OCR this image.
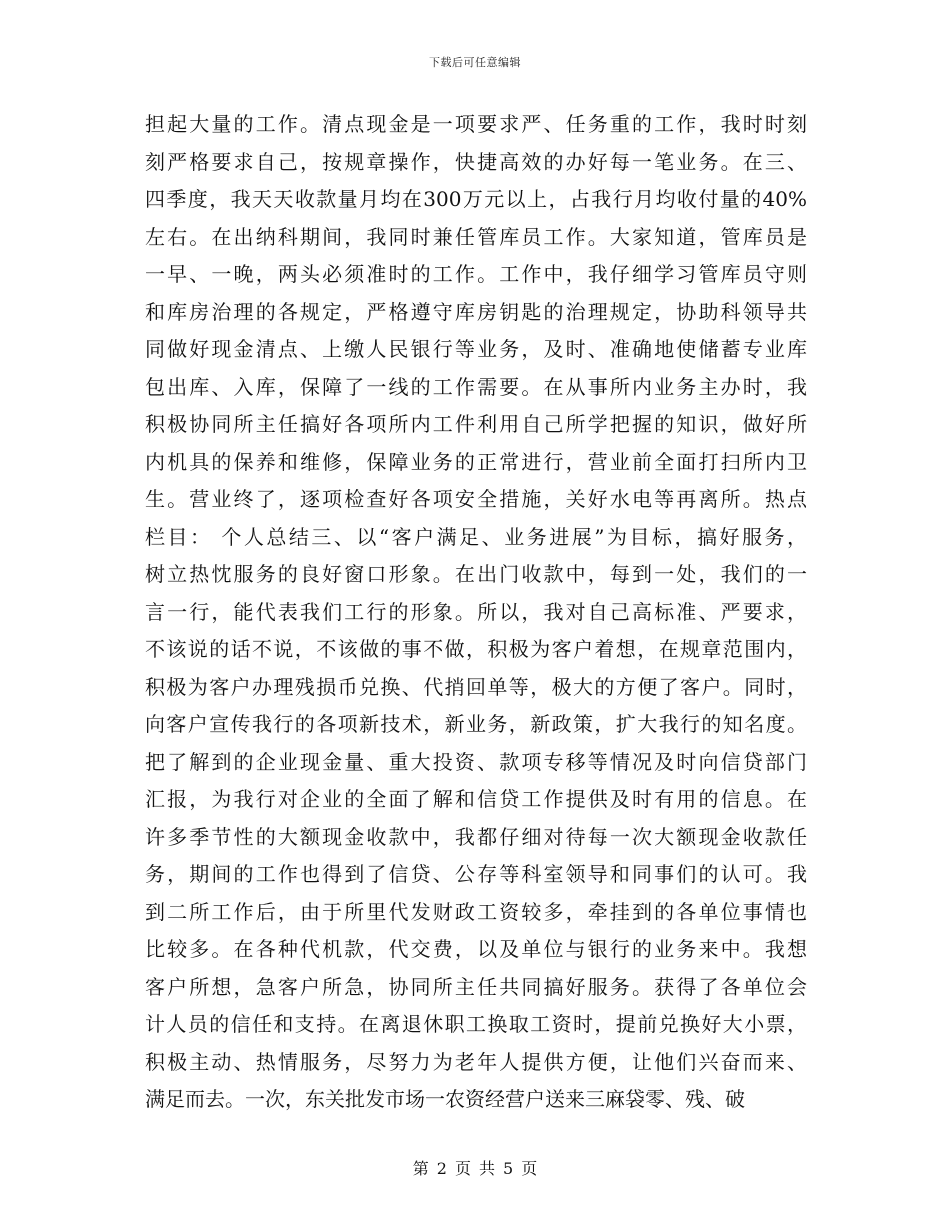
下载后可任意编辑
担起大量的工作。清点现金是一项要求严、任务重的工作，我时时刻
刻严格要求自己，按规章操作，快捷高效的办好每一笔业务。在三、
四季度，我天天收款量月均在300万元以上，占我行月均收付量的40%
左右。在出纳科期间，我同时兼任管库员工作。大家知道，管库员是
一早、一晚，两头必须准时的工作。工作中，我仔细学习管库员守则
和库房治理的各规定，严格遵守库房钥匙的治理规定，协助科领导共
同做好现金清点、上缴人民银行等业务，及时、准确地使储蓄专业库
包出库、入库，保障了一线的工作需要。在从事所内业务主办时，我
积极协同所主任搞好各项所内工件利用自己所学把握的知识，做好所
内机具的保养和维修，保障业务的正常进行，营业前全面打扫所内卫
生。营业终了，逐项检查好各项安全措施，关好水电等再离所。热点
栏目： 个人总结三、以“客户满足、业务进展”为目标，搞好服务，
树立热忱服务的良好窗口形象。在出门收款中，每到一处，我们的一
言一行，能代表我们工行的形象。所以，我对自己高标准、严要求，
不该说的话不说，不该做的事不做，积极为客户着想，在规章范围内，
积极为客户办理残损币兑换、代捎回单等，极大的方便了客户。同时，
向客户宣传我行的各项新技术，新业务，新政策，扩大我行的知名度。
把了解到的企业现金量、重大投资、款项专移等情况及时向信贷部门
汇报，为我行对企业的全面了解和信贷工作提供及时有用的信息。在
许多季节性的大额现金收款中，我都仔细对待每一次大额现金收款任
务，期间的工作也得到了信贷、公存等科室领导和同事们的认可。我
到二所工作后，由于所里代发财政工资较多，牵挂到的各单位事情也
比较多。在各种代机款，代交费，以及单位与银行的业务来中。我想
客户所想，急客户所急，协同所主任共同搞好服务。获得了各单位会
计人员的信任和支持。在离退休职工换取工资时，提前兑换好大小票，
积极主动、热情服务，尽努力为老年人提供方便，让他们兴奋而来、
满足而去。一次，东关批发市场一农资经营户送来三麻袋零、残、破
第 2 页 共 5 页
